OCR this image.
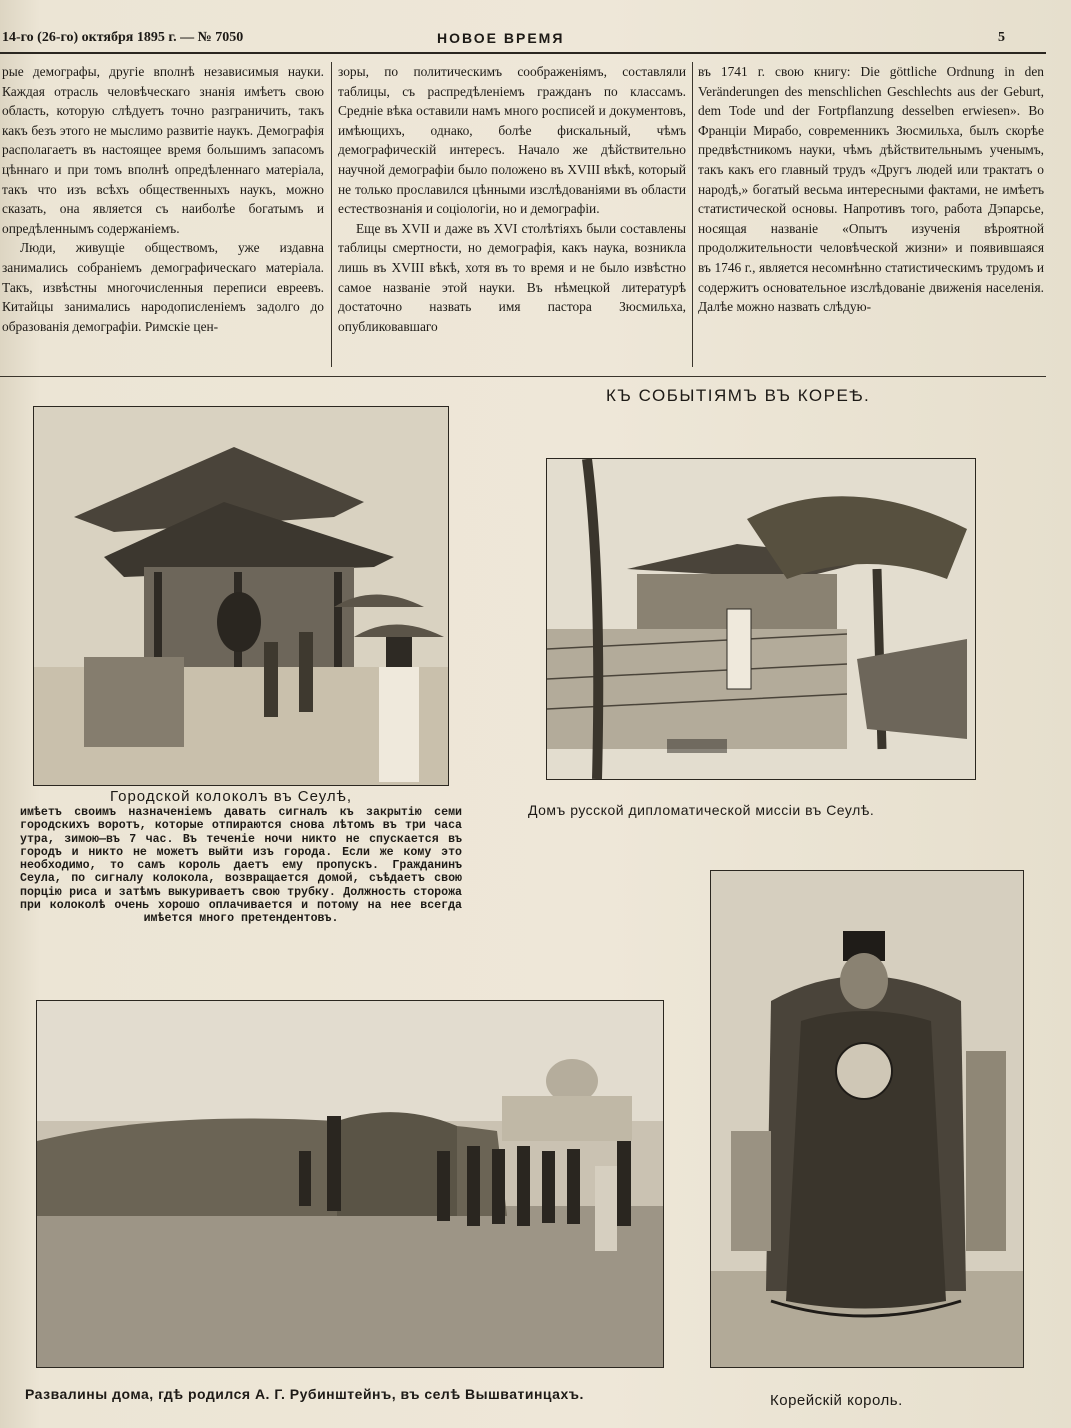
14-го (26-го) октября 1895 г. — № 7050	НОВОЕ ВРЕМЯ	5

рые демографы, другіе вполнѣ независимыя науки. Каждая отрасль человѣческаго знанія имѣетъ свою область, которую слѣдуетъ точно разграничить, такъ какъ безъ этого не мыслимо развитіе наукъ. Демографія располагаетъ въ настоящее время большимъ запасомъ цѣннаго и при томъ вполнѣ опредѣленнаго матеріала, такъ что изъ всѣхъ общественныхъ наукъ, можно сказать, она является съ наиболѣе богатымъ и опредѣленнымъ содержаніемъ.

Люди, живущіе обществомъ, уже издавна занимались собраніемъ демографическаго матеріала. Такъ, извѣстны многочисленныя переписи евреевъ. Китайцы занимались народописленіемъ задолго до образованія демографіи. Римскіе цен-

зоры, по политическимъ соображеніямъ, составляли таблицы, съ распредѣленіемъ гражданъ по классамъ. Средніе вѣка оставили намъ много росписей и документовъ, имѣющихъ, однако, болѣе фискальный, чѣмъ демографическій интересъ. Начало же дѣйствительно научной демографіи было положено въ XVIII вѣкѣ, который не только прославился цѣнными изслѣдованіями въ области естествознанія и соціологіи, но и демографіи.

Еще въ XVII и даже въ XVI столѣтіяхъ были составлены таблицы смертности, но демографія, какъ наука, возникла лишь въ XVIII вѣкѣ, хотя въ то время и не было извѣстно самое названіе этой науки. Въ нѣмецкой литературѣ достаточно назвать имя пастора Зюсмильха, опубликовавшаго

въ 1741 г. свою книгу: Die göttliche Ordnung in den Veränderungen des menschlichen Geschlechts aus der Geburt, dem Tode und der Fortpflanzung desselben erwiesen». Во Франціи Мирабо, современникъ Зюсмильха, былъ скорѣе предвѣстникомъ науки, чѣмъ дѣйствительнымъ ученымъ, такъ какъ его главный трудъ «Другъ людей или трактатъ о народѣ,» богатый весьма интересными фактами, не имѣетъ статистической основы. Напротивъ того, работа Дэпарсье, носящая названіе «Опытъ изученія вѣроятной продолжительности человѣческой жизни» и появившаяся въ 1746 г., является несомнѣнно статистическимъ трудомъ и содержитъ основательное изслѣдованіе движенія населенія. Далѣе можно назвать слѣдую-

КЪ СОБЫТІЯМЪ ВЪ КОРЕѢ.
Городской колоколъ въ Сеулѣ,
имѣетъ своимъ назначеніемъ давать сигналъ къ закрытію семи городскихъ воротъ, которые отпираются снова лѣтомъ въ три часа утра, зимою—въ 7 час. Въ теченіе ночи никто не спускается въ городъ и никто не можетъ выйти изъ города. Если же кому это необходимо, то самъ король даетъ ему пропускъ. Гражданинъ Сеула, по сигналу колокола, возвращается домой, съѣдаетъ свою порцію риса и затѣмъ выкуриваетъ свою трубку. Должность сторожа при колоколѣ очень хорошо оплачивается и потому на нее всегда имѣется много претендентовъ.
Домъ русской дипломатической миссіи въ Сеулѣ.
Развалины дома, гдѣ родился А. Г. Рубинштейнъ, въ селѣ Вышватинцахъ.	Корейскій король.
